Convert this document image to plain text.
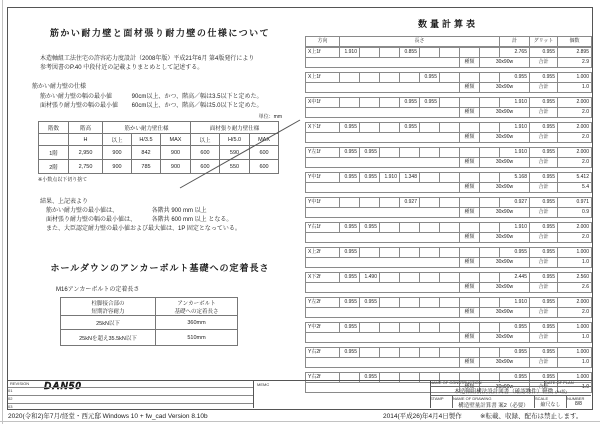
筋かい耐力壁と面材張り耐力壁の仕様について
木造軸組工法住宅の許容応力度設計（2008年版）平成21年6月 第4版発行により
参考図書のP.40 中段付近の記載よりまとめとして記述する。
筋かい耐力壁の仕様
筋かい耐力壁の幅の最小値	90cm以上、かつ、階高／幅は3.5以下と定めた。
面材張り耐力壁の幅の最小値 60cm以上、かつ、階高／幅は5.0以下と定めた。
単位：mm
階数	階高	筋かい耐力壁仕様			面材張り耐力壁仕様		
	H	以上	H/3.5	MAX	以上	H/5.0	MAX
1階	2,950	900	842	900	600	590	600
2階	2,750	900	785	900	600	550	600
※小数点以下切り捨て
結果、上記表より
筋かい耐力壁の最小値は、	各階共 900 mm 以上
面材張り耐力壁の幅の最小値は、	各階共 600 mm 以上 となる。
また、大臣認定耐力壁の最小値および最大値は、1P 固定となっている。
ホールダウンのアンカーボルト基礎への定着長さ
M16アンカーボルトの定着長さ
柱脚接合部の
短期許容耐力

アンカーボルト
基礎への定着長さ

25kN以下	360mm
25kNを超え35.5kN以下	510mm
数量計算表
方向	長さ	計	グリット	個数
X上1f	1.910			0.855					2.765	0.955	2.895
							種類	30x90w		合計	2.9
X上1f					0.955				0.955	0.955	1.000
							種類	30x90w		合計	1.0
X中1f				0.955	0.955				1.910	0.955	2.000
							種類	30x90w		合計	2.0
X下1f	0.955			0.955					1.910	0.955	2.000
							種類	30x90w		合計	2.0
Y左1f	0.955	0.955							1.910	0.955	2.000
							種類	30x90w		合計	2.0
Y中1f	0.955	0.955	1.910	1.348					5.168	0.955	5.412
							種類	30x90w		合計	5.4
Y中1f				0.927					0.927	0.955	0.971
							種類	30x90w		合計	0.9
Y右1f	0.955	0.955							1.910	0.955	2.000
							種類	30x90w		合計	2.0
X上2f	0.955								0.955	0.955	1.000
							種類	30x90w		合計	1.0
X下2f	0.955	1.490							2.445	0.955	2.560
							種類	30x90w		合計	2.6
Y左2f	0.955	0.955							1.910	0.955	2.000
							種類	30x90w		合計	2.0
Y中2f	0.955								0.955	0.955	1.000
							種類	30x90w		合計	1.0
Y右2f	0.955								0.955	0.955	1.000
							種類	30x90w		合計	1.0
Y右2f		0.955							0.955	0.955	1.000
							種類	30x90w		合計	1.0
REVISION DAN50
01
02
03
MEMO	NAME OF CONSTRUCTION	DATE OF PLAN
木造軸組構法設計図書（確認物件）軽微 (A4版)
STAMP	NAME OF DRAWING
構造壁量計算書 案2（必要）
SCALE
縮尺なし
NUMBER
8/8
2020(令和2)年7月/経堂・西元邸 Windows 10 + fw_cad Version 8.10b	2014(平成26)年4月4日製作	※転載、収録、配布は禁止します。
